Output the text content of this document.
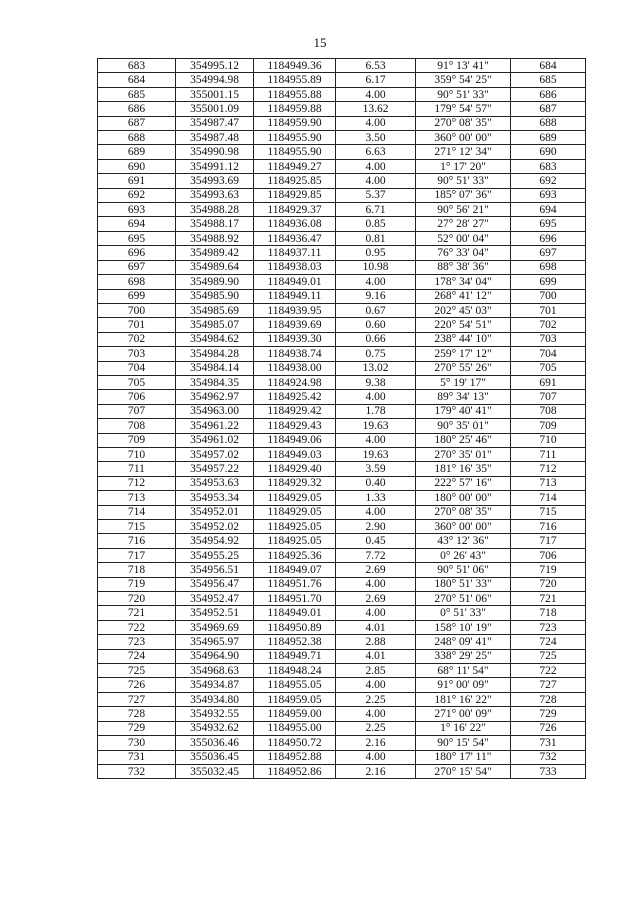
15
683	354995.12	1184949.36	6.53	91° 13' 41"	684
684	354994.98	1184955.89	6.17	359° 54' 25"	685
685	355001.15	1184955.88	4.00	90° 51' 33"	686
686	355001.09	1184959.88	13.62	179° 54' 57"	687
687	354987.47	1184959.90	4.00	270° 08' 35"	688
688	354987.48	1184955.90	3.50	360° 00' 00"	689
689	354990.98	1184955.90	6.63	271° 12' 34"	690
690	354991.12	1184949.27	4.00	1° 17' 20"	683
691	354993.69	1184925.85	4.00	90° 51' 33"	692
692	354993.63	1184929.85	5.37	185° 07' 36"	693
693	354988.28	1184929.37	6.71	90° 56' 21"	694
694	354988.17	1184936.08	0.85	27° 28' 27"	695
695	354988.92	1184936.47	0.81	52° 00' 04"	696
696	354989.42	1184937.11	0.95	76° 33' 04"	697
697	354989.64	1184938.03	10.98	88° 38' 36"	698
698	354989.90	1184949.01	4.00	178° 34' 04"	699
699	354985.90	1184949.11	9.16	268° 41' 12"	700
700	354985.69	1184939.95	0.67	202° 45' 03"	701
701	354985.07	1184939.69	0.60	220° 54' 51"	702
702	354984.62	1184939.30	0.66	238° 44' 10"	703
703	354984.28	1184938.74	0.75	259° 17' 12"	704
704	354984.14	1184938.00	13.02	270° 55' 26"	705
705	354984.35	1184924.98	9.38	5° 19' 17"	691
706	354962.97	1184925.42	4.00	89° 34' 13"	707
707	354963.00	1184929.42	1.78	179° 40' 41"	708
708	354961.22	1184929.43	19.63	90° 35' 01"	709
709	354961.02	1184949.06	4.00	180° 25' 46"	710
710	354957.02	1184949.03	19.63	270° 35' 01"	711
711	354957.22	1184929.40	3.59	181° 16' 35"	712
712	354953.63	1184929.32	0.40	222° 57' 16"	713
713	354953.34	1184929.05	1.33	180° 00' 00"	714
714	354952.01	1184929.05	4.00	270° 08' 35"	715
715	354952.02	1184925.05	2.90	360° 00' 00"	716
716	354954.92	1184925.05	0.45	43° 12' 36"	717
717	354955.25	1184925.36	7.72	0° 26' 43"	706
718	354956.51	1184949.07	2.69	90° 51' 06"	719
719	354956.47	1184951.76	4.00	180° 51' 33"	720
720	354952.47	1184951.70	2.69	270° 51' 06"	721
721	354952.51	1184949.01	4.00	0° 51' 33"	718
722	354969.69	1184950.89	4.01	158° 10' 19"	723
723	354965.97	1184952.38	2.88	248° 09' 41"	724
724	354964.90	1184949.71	4.01	338° 29' 25"	725
725	354968.63	1184948.24	2.85	68° 11' 54"	722
726	354934.87	1184955.05	4.00	91° 00' 09"	727
727	354934.80	1184959.05	2.25	181° 16' 22"	728
728	354932.55	1184959.00	4.00	271° 00' 09"	729
729	354932.62	1184955.00	2.25	1° 16' 22"	726
730	355036.46	1184950.72	2.16	90° 15' 54"	731
731	355036.45	1184952.88	4.00	180° 17' 11"	732
732	355032.45	1184952.86	2.16	270° 15' 54"	733
